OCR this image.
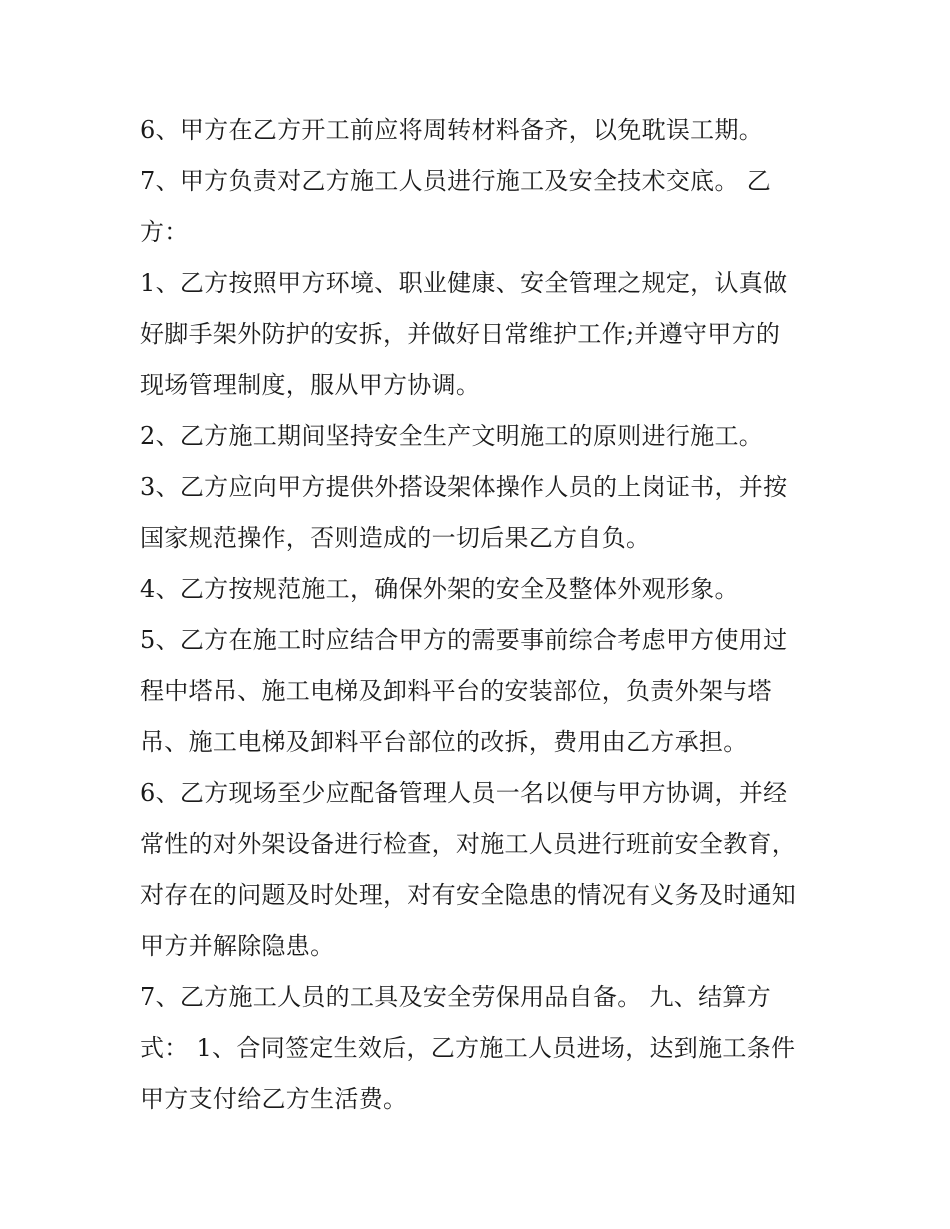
6、甲方在乙方开工前应将周转材料备齐，以免耽误工期。
7、甲方负责对乙方施工人员进行施工及安全技术交底。 乙
方：
1、乙方按照甲方环境、职业健康、安全管理之规定，认真做
好脚手架外防护的安拆，并做好日常维护工作;并遵守甲方的
现场管理制度，服从甲方协调。
2、乙方施工期间坚持安全生产文明施工的原则进行施工。
3、乙方应向甲方提供外搭设架体操作人员的上岗证书，并按
国家规范操作，否则造成的一切后果乙方自负。
4、乙方按规范施工，确保外架的安全及整体外观形象。
5、乙方在施工时应结合甲方的需要事前综合考虑甲方使用过
程中塔吊、施工电梯及卸料平台的安装部位，负责外架与塔
吊、施工电梯及卸料平台部位的改拆，费用由乙方承担。
6、乙方现场至少应配备管理人员一名以便与甲方协调，并经
常性的对外架设备进行检查，对施工人员进行班前安全教育，
对存在的问题及时处理，对有安全隐患的情况有义务及时通知
甲方并解除隐患。
7、乙方施工人员的工具及安全劳保用品自备。 九、结算方
式： 1、合同签定生效后，乙方施工人员进场，达到施工条件
甲方支付给乙方生活费。
